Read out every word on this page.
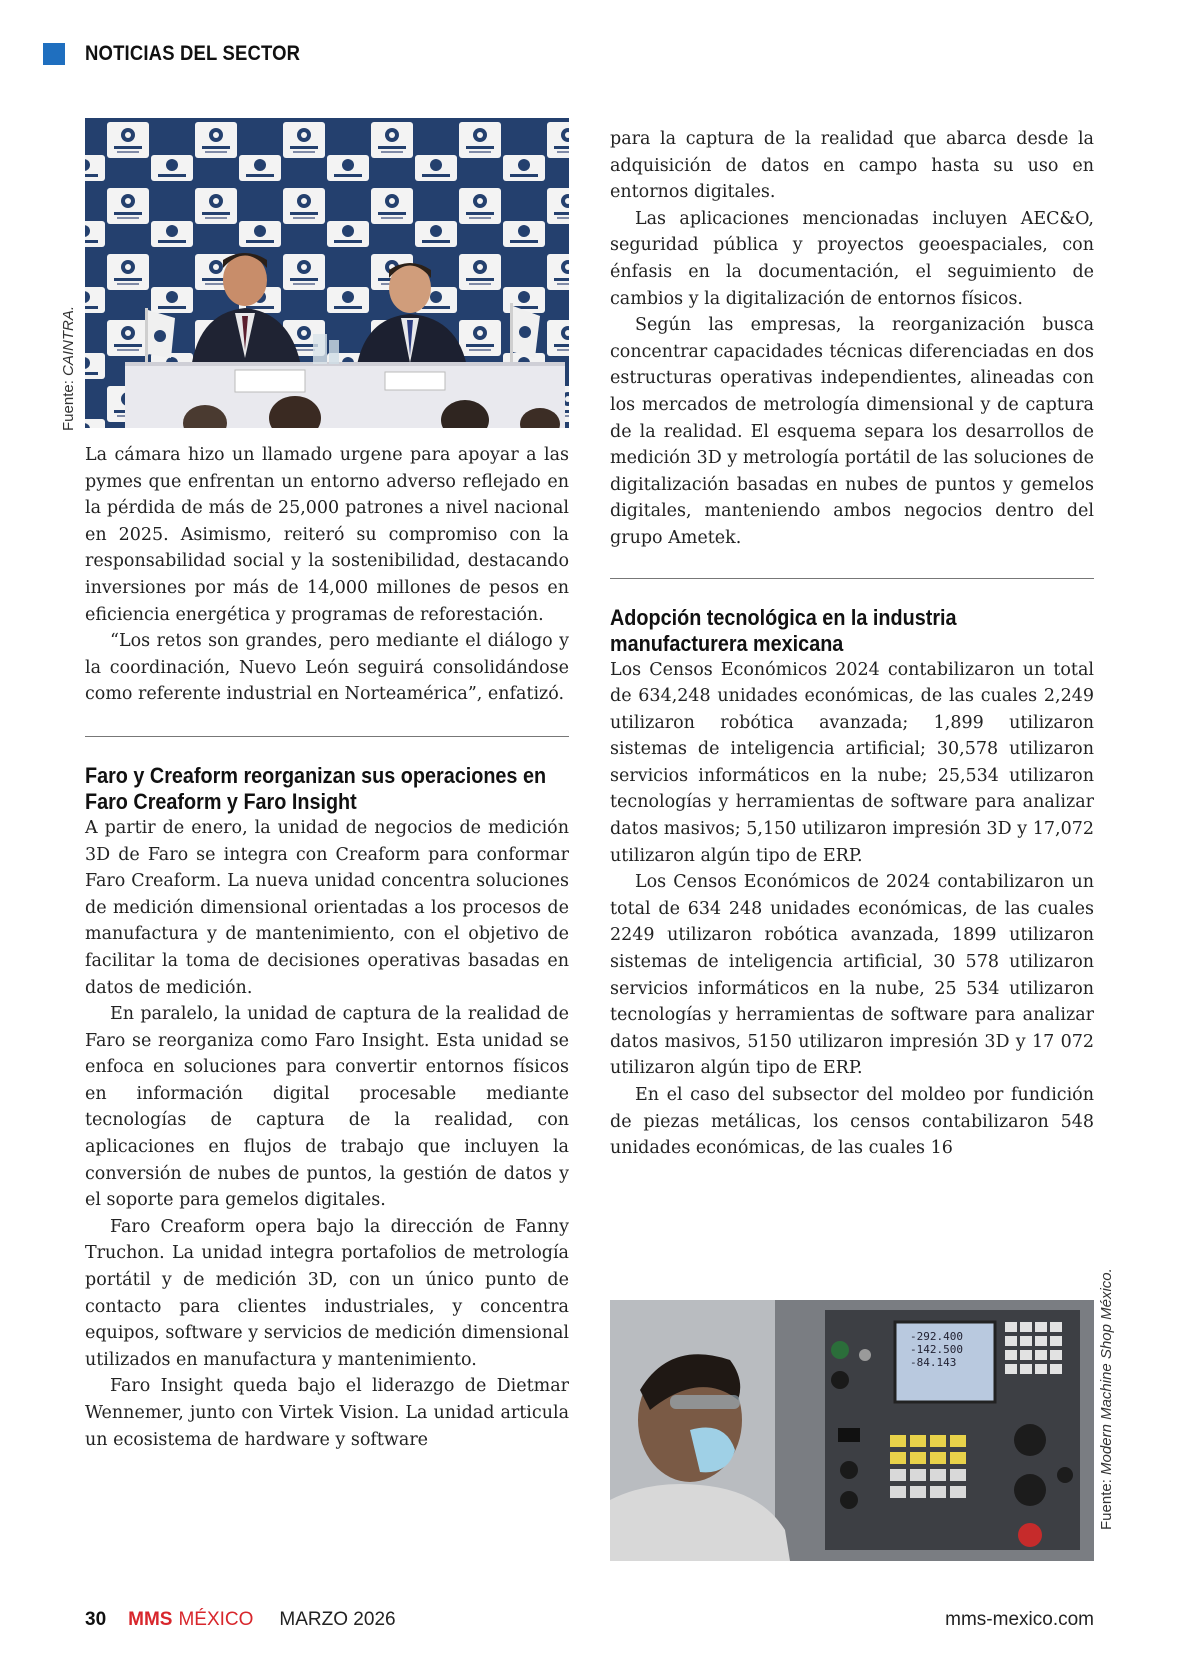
NOTICIAS DEL SECTOR
Fuente: CAINTRA.

La cámara hizo un llamado urgene para apoyar a las pymes que enfrentan un entorno adverso reflejado en la pérdida de más de 25,000 patrones a nivel nacional en 2025. Asimismo, reiteró su compromiso con la responsabilidad social y la sostenibilidad, destacando inversiones por más de 14,000 millones de pesos en eficiencia energética y programas de reforestación.

“Los retos son grandes, pero mediante el diálogo y la coordinación, Nuevo León seguirá consolidándose como referente industrial en Norteamérica”, enfatizó.

Faro y Creaform reorganizan sus operaciones en Faro Creaform y Faro Insight

A partir de enero, la unidad de negocios de medición 3D de Faro se integra con Creaform para conformar Faro Creaform. La nueva unidad concentra soluciones de medición dimensional orientadas a los procesos de manufactura y de mantenimiento, con el objetivo de facilitar la toma de decisiones operativas basadas en datos de medición.

En paralelo, la unidad de captura de la realidad de Faro se reorganiza como Faro Insight. Esta unidad se enfoca en soluciones para convertir entornos físicos en información digital procesable mediante tecnologías de captura de la realidad, con aplicaciones en flujos de trabajo que incluyen la conversión de nubes de puntos, la gestión de datos y el soporte para gemelos digitales.

Faro Creaform opera bajo la dirección de Fanny Truchon. La unidad integra portafolios de metrología portátil y de medición 3D, con un único punto de contacto para clientes industriales, y concentra equipos, software y servicios de medición dimensional utilizados en manufactura y mantenimiento.

Faro Insight queda bajo el liderazgo de Dietmar Wennemer, junto con Virtek Vision. La unidad articula un ecosistema de hardware y software

para la captura de la realidad que abarca desde la adquisición de datos en campo hasta su uso en entornos digitales.

Las aplicaciones mencionadas incluyen AEC&O, seguridad pública y proyectos geoespaciales, con énfasis en la documentación, el seguimiento de cambios y la digitalización de entornos físicos.

Según las empresas, la reorganización busca concentrar capacidades técnicas diferenciadas en dos estructuras operativas independientes, alineadas con los mercados de metrología dimensional y de captura de la realidad. El esquema separa los desarrollos de medición 3D y metrología portátil de las soluciones de digitalización basadas en nubes de puntos y gemelos digitales, manteniendo ambos negocios dentro del grupo Ametek.

Adopción tecnológica en la industria manufacturera mexicana

Los Censos Económicos 2024 contabilizaron un total de 634,248 unidades económicas, de las cuales 2,249 utilizaron robótica avanzada; 1,899 utilizaron sistemas de inteligencia artificial; 30,578 utilizaron servicios informáticos en la nube; 25,534 utilizaron tecnologías y herramientas de software para analizar datos masivos; 5,150 utilizaron impresión 3D y 17,072 utilizaron algún tipo de ERP.

Los Censos Económicos de 2024 contabilizaron un total de 634 248 unidades económicas, de las cuales 2249 utilizaron robótica avanzada, 1899 utilizaron sistemas de inteligencia artificial, 30 578 utilizaron servicios informáticos en la nube, 25 534 utilizaron tecnologías y herramientas de software para analizar datos masivos, 5150 utilizaron impresión 3D y 17 072 utilizaron algún tipo de ERP.

En el caso del subsector del moldeo por fundición de piezas metálicas, los censos contabilizaron 548 unidades económicas, de las cuales 16

-292.400
-142.500
-84.143
Fuente: Modern Machine Shop México.
30 MMS MÉXICO MARZO 2026	mms-mexico.com
